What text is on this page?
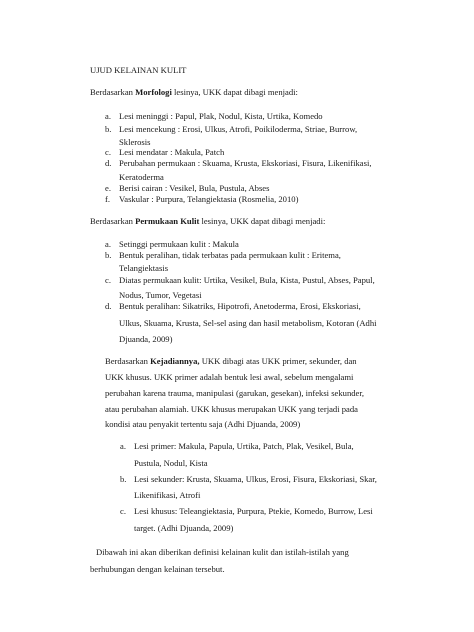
UJUD KELAINAN KULIT
Berdasarkan Morfologi lesinya, UKK dapat dibagi menjadi:
a. Lesi meninggi : Papul, Plak, Nodul, Kista, Urtika, Komedo
b. Lesi mencekung : Erosi, Ulkus, Atrofi, Poikiloderma, Striae, Burrow,
Sklerosis
c. Lesi mendatar : Makula, Patch
d. Perubahan permukaan : Skuama, Krusta, Ekskoriasi, Fisura, Likenifikasi,
Keratoderma
e. Berisi cairan : Vesikel, Bula, Pustula, Abses
f. Vaskular : Purpura, Telangiektasia (Rosmelia, 2010)
Berdasarkan Permukaan Kulit lesinya, UKK dapat dibagi menjadi:
a. Setinggi permukaan kulit : Makula
b. Bentuk peralihan, tidak terbatas pada permukaan kulit : Eritema,
Telangiektasis
c. Diatas permukaan kulit: Urtika, Vesikel, Bula, Kista, Pustul, Abses, Papul,
Nodus, Tumor, Vegetasi
d. Bentuk peralihan: Sikatriks, Hipotrofi, Anetoderma, Erosi, Ekskoriasi,
Ulkus, Skuama, Krusta, Sel-sel asing dan hasil metabolism, Kotoran (Adhi
Djuanda, 2009)
Berdasarkan Kejadiannya, UKK dibagi atas UKK primer, sekunder, dan
UKK khusus. UKK primer adalah bentuk lesi awal, sebelum mengalami
perubahan karena trauma, manipulasi (garukan, gesekan), infeksi sekunder,
atau perubahan alamiah. UKK khusus merupakan UKK yang terjadi pada
kondisi atau penyakit tertentu saja (Adhi Djuanda, 2009)
a. Lesi primer: Makula, Papula, Urtika, Patch, Plak, Vesikel, Bula,
Pustula, Nodul, Kista
b. Lesi sekunder: Krusta, Skuama, Ulkus, Erosi, Fisura, Ekskoriasi, Skar,
Likenifikasi, Atrofi
c. Lesi khusus: Teleangiektasia, Purpura, Ptekie, Komedo, Burrow, Lesi
target. (Adhi Djuanda, 2009)
Dibawah ini akan diberikan definisi kelainan kulit dan istilah-istilah yang
berhubungan dengan kelainan tersebut.
